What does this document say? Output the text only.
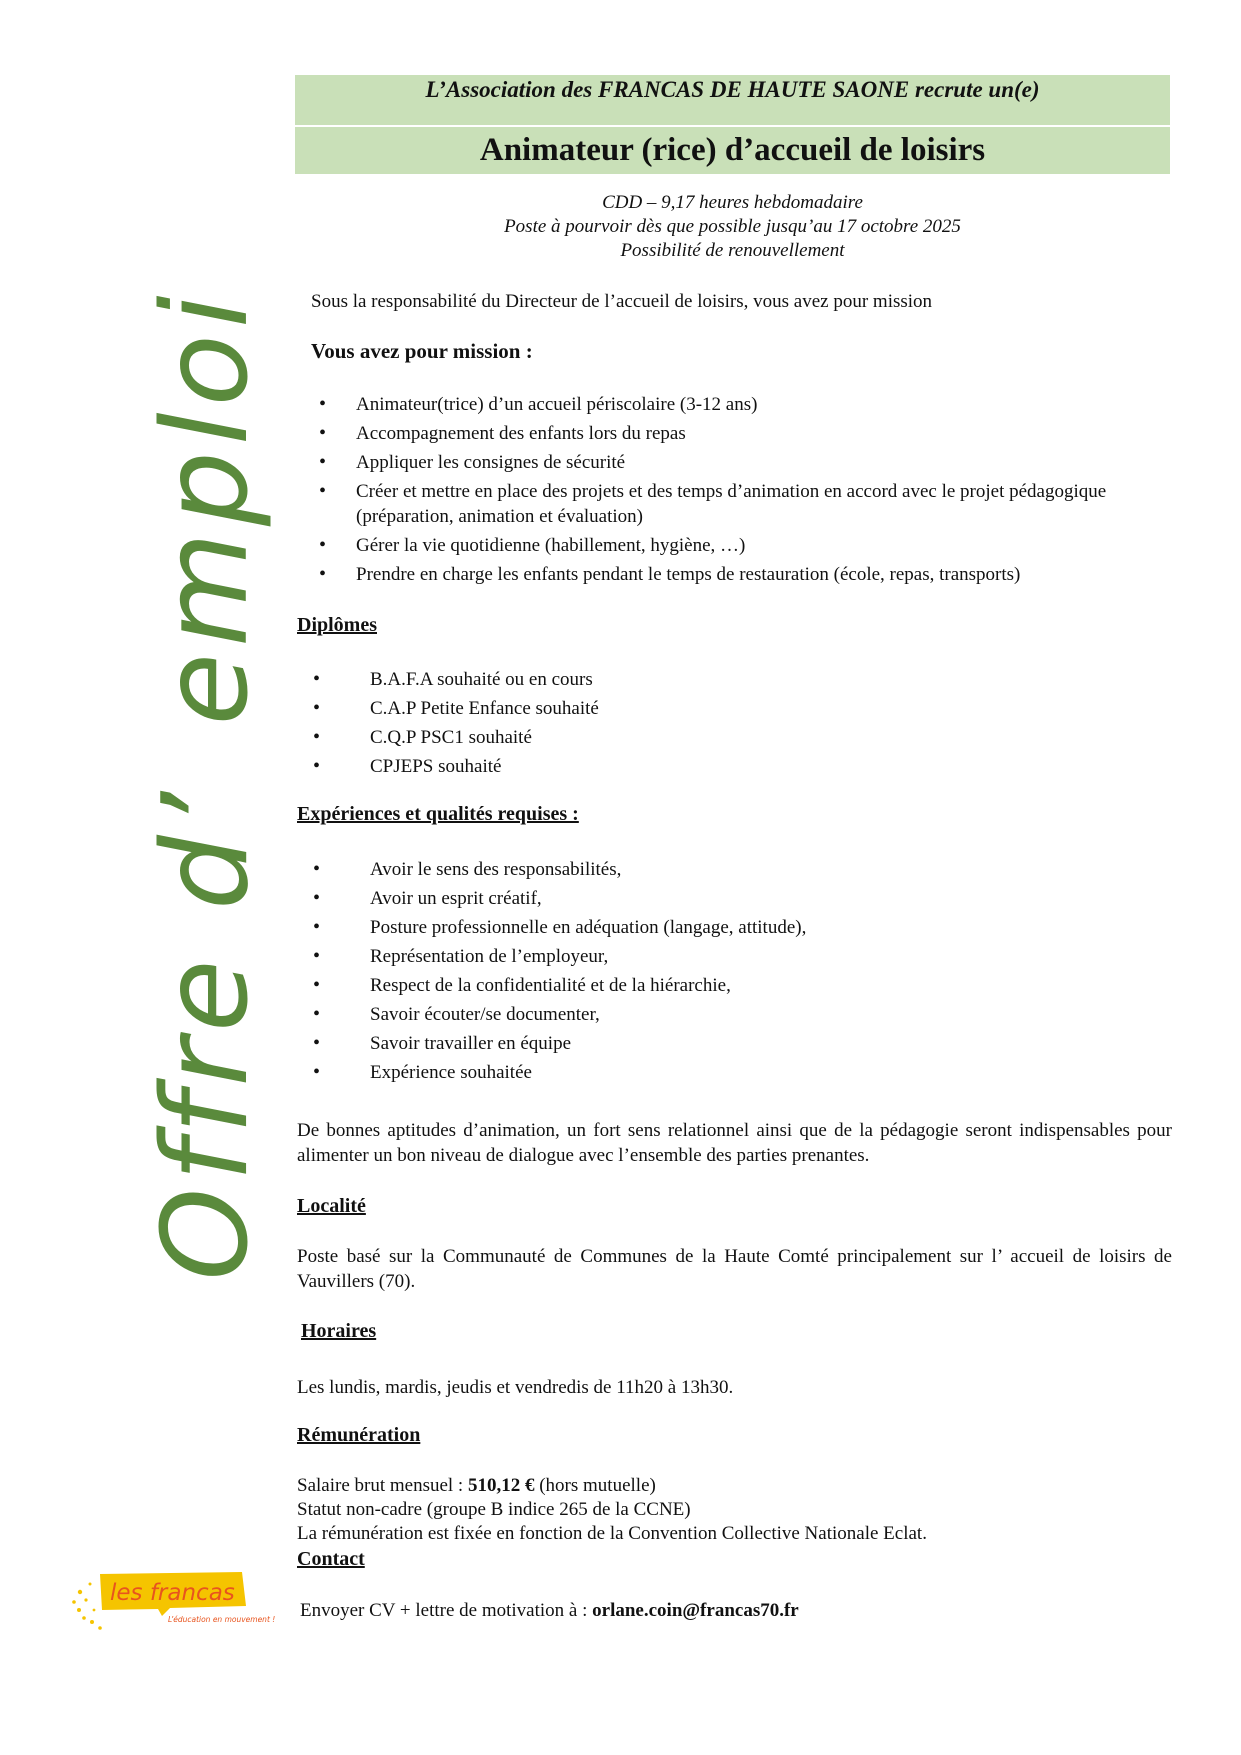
Offre d’emploi
L’Association des FRANCAS DE HAUTE SAONE recrute un(e)
Animateur (rice) d’accueil de loisirs
CDD – 9,17 heures hebdomadaire
Poste à pourvoir dès que possible jusqu’au 17 octobre 2025
Possibilité de renouvellement
Sous la responsabilité du Directeur de l’accueil de loisirs, vous avez pour mission
Vous avez pour mission :
• Animateur(trice) d’un accueil périscolaire (3-12 ans)
• Accompagnement des enfants lors du repas
• Appliquer les consignes de sécurité
• Créer et mettre en place des projets et des temps d’animation en accord avec le projet pédagogique (préparation, animation et évaluation)
• Gérer la vie quotidienne (habillement, hygiène, …)
• Prendre en charge les enfants pendant le temps de restauration (école, repas, transports)
Diplômes
• B.A.F.A souhaité ou en cours
• C.A.P Petite Enfance souhaité
• C.Q.P PSC1 souhaité
• CPJEPS souhaité
Expériences et qualités requises :
• Avoir le sens des responsabilités,
• Avoir un esprit créatif,
• Posture professionnelle en adéquation (langage, attitude),
• Représentation de l’employeur,
• Respect de la confidentialité et de la hiérarchie,
• Savoir écouter/se documenter,
• Savoir travailler en équipe
• Expérience souhaitée
De bonnes aptitudes d’animation, un fort sens relationnel ainsi que de la pédagogie seront indispensables pour alimenter un bon niveau de dialogue avec l’ensemble des parties prenantes.
Localité
Poste basé sur la Communauté de Communes de la Haute Comté principalement sur l’ accueil de loisirs de Vauvillers (70).
Horaires
Les lundis, mardis, jeudis et vendredis de 11h20 à 13h30.
Rémunération
Salaire brut mensuel : 510,12 € (hors mutuelle)
Statut non-cadre (groupe B indice 265 de la CCNE)
La rémunération est fixée en fonction de la Convention Collective Nationale Eclat.
Contact
Envoyer CV + lettre de motivation à : orlane.coin@francas70.fr
les francas
L’éducation en mouvement !
